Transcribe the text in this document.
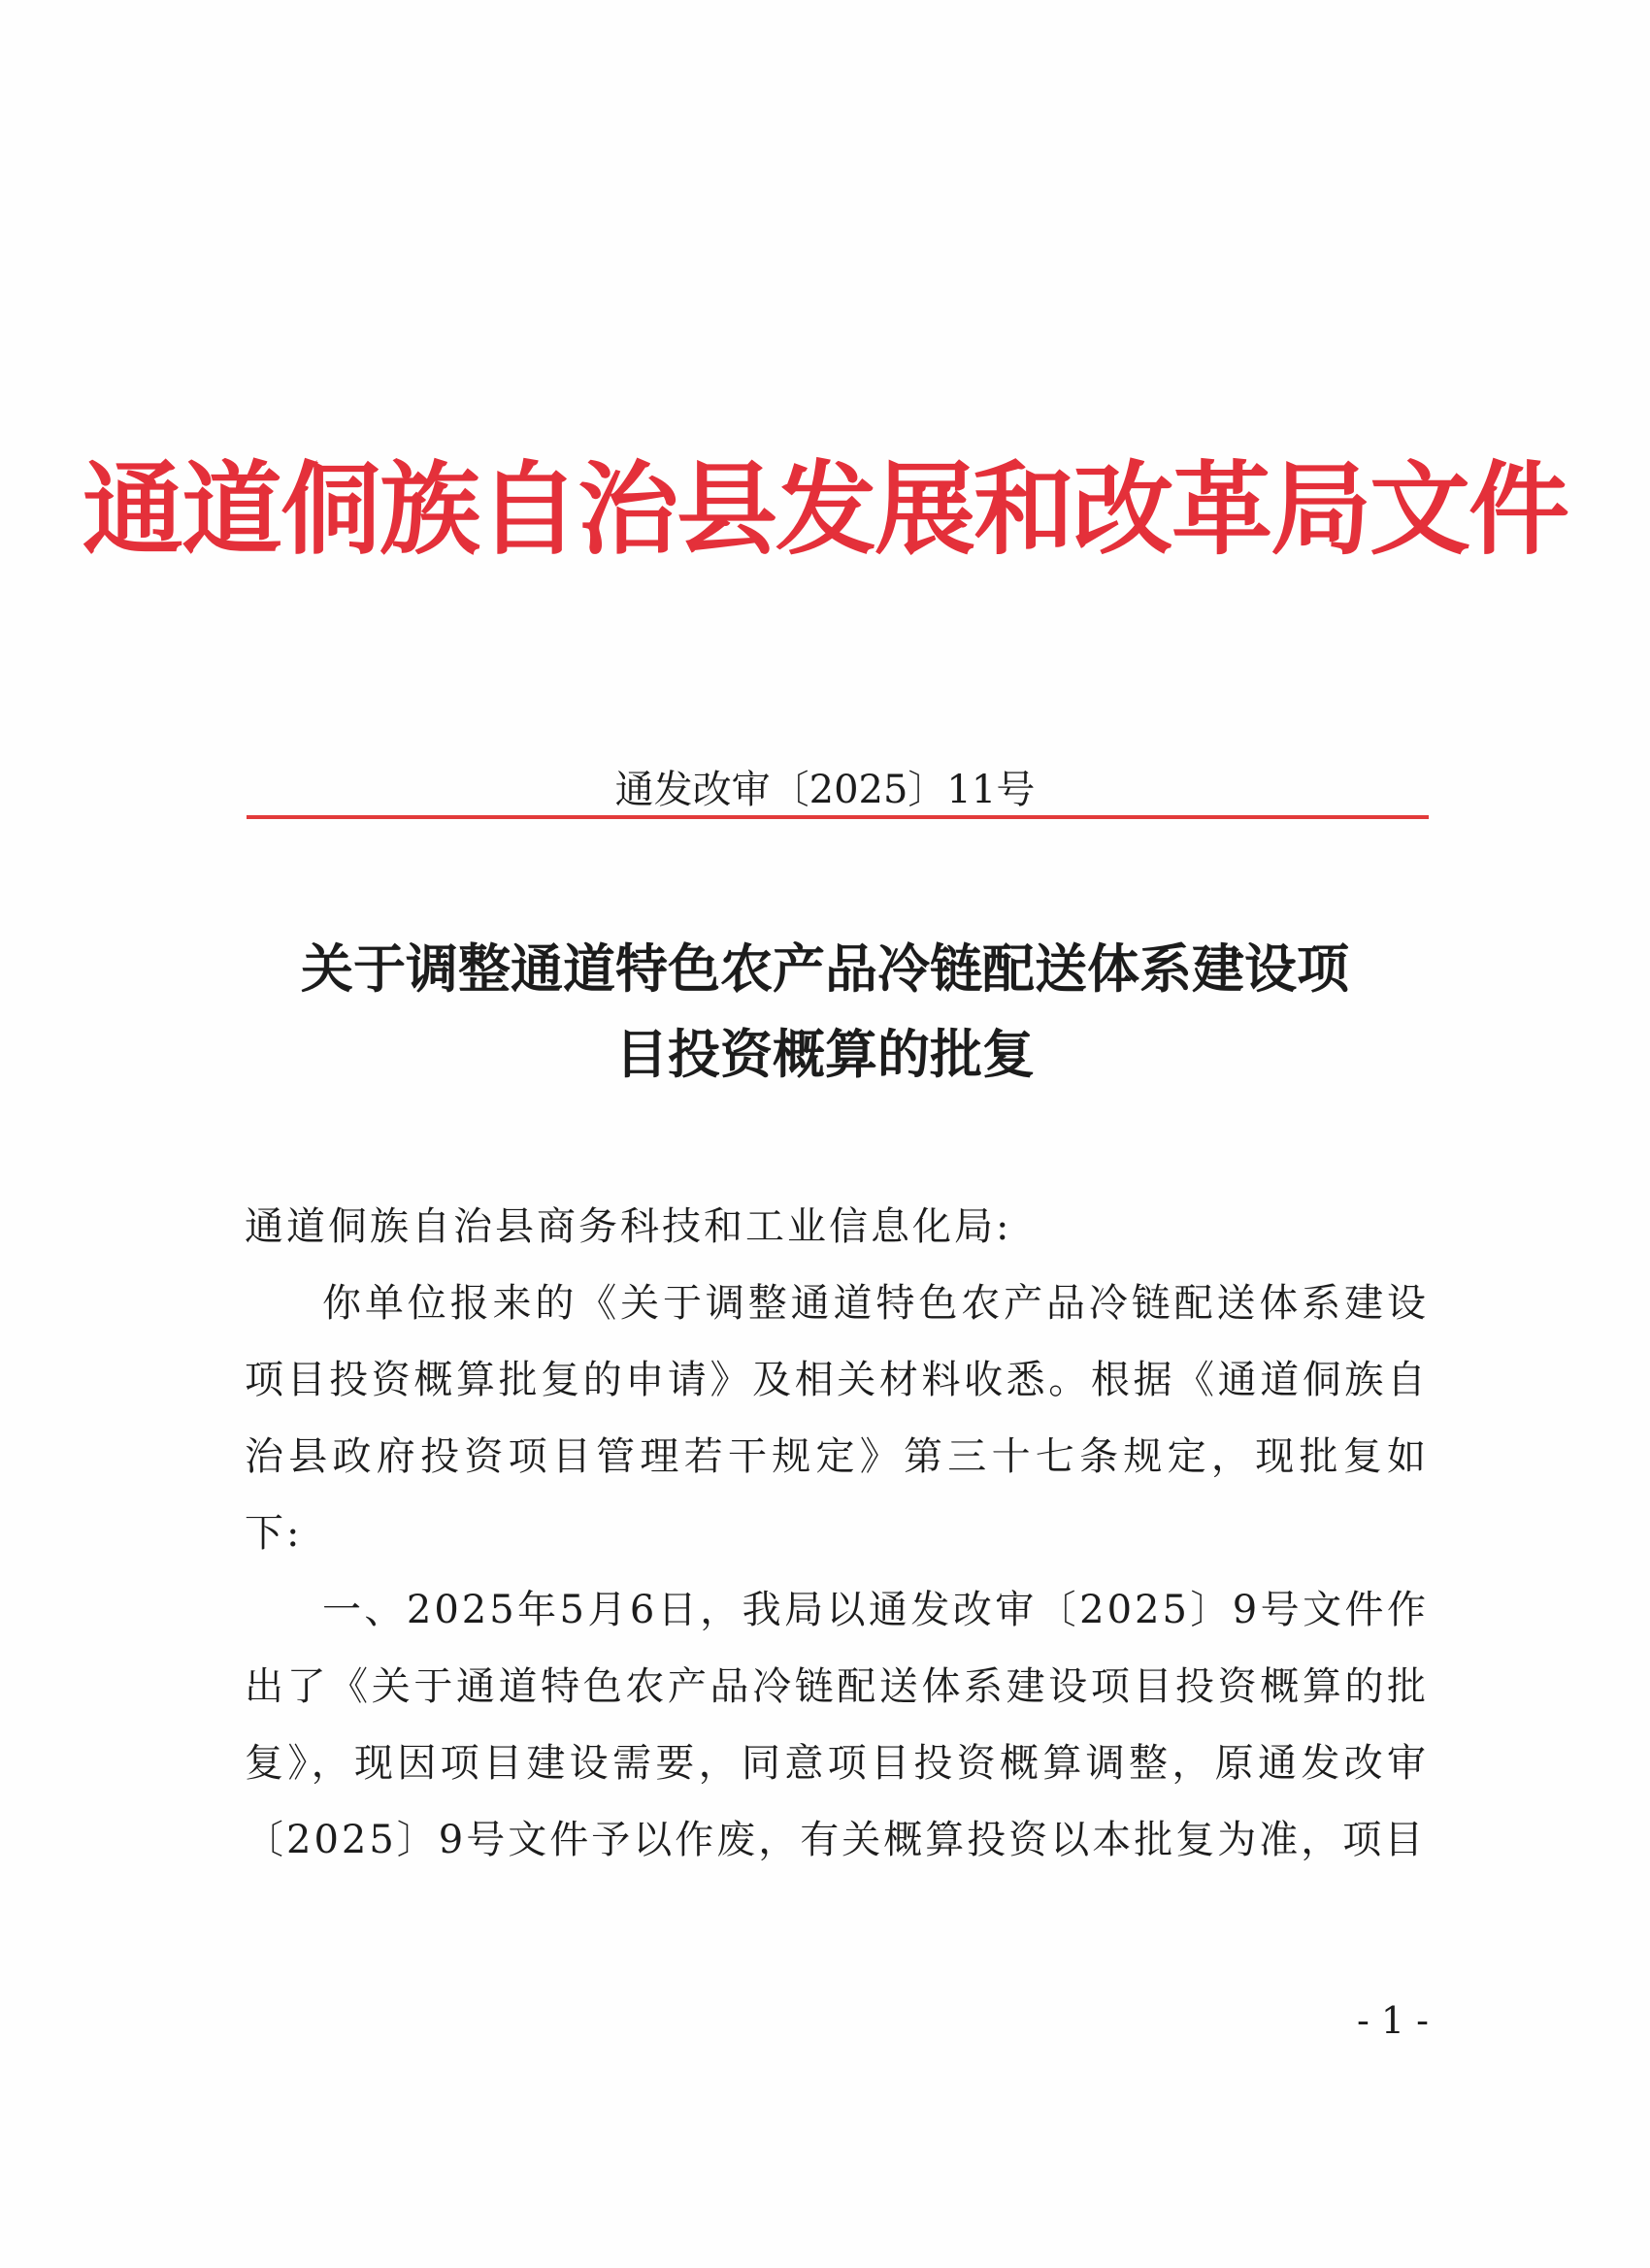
通道侗族自治县发展和改革局文件
通发改审〔2025〕11号
关于调整通道特色农产品冷链配送体系建设项
目投资概算的批复
通道侗族自治县商务科技和工业信息化局:
你单位报来的《关于调整通道特色农产品冷链配送体系建设项目投资概算批复的申请》及相关材料收悉。根据《通道侗族自治县政府投资项目管理若干规定》第三十七条规定，现批复如下:
一、2025年5月6日，我局以通发改审〔2025〕9号文件作出了《关于通道特色农产品冷链配送体系建设项目投资概算的批复》，现因项目建设需要，同意项目投资概算调整，原通发改审〔2025〕9号文件予以作废，有关概算投资以本批复为准，项目
- 1 -
